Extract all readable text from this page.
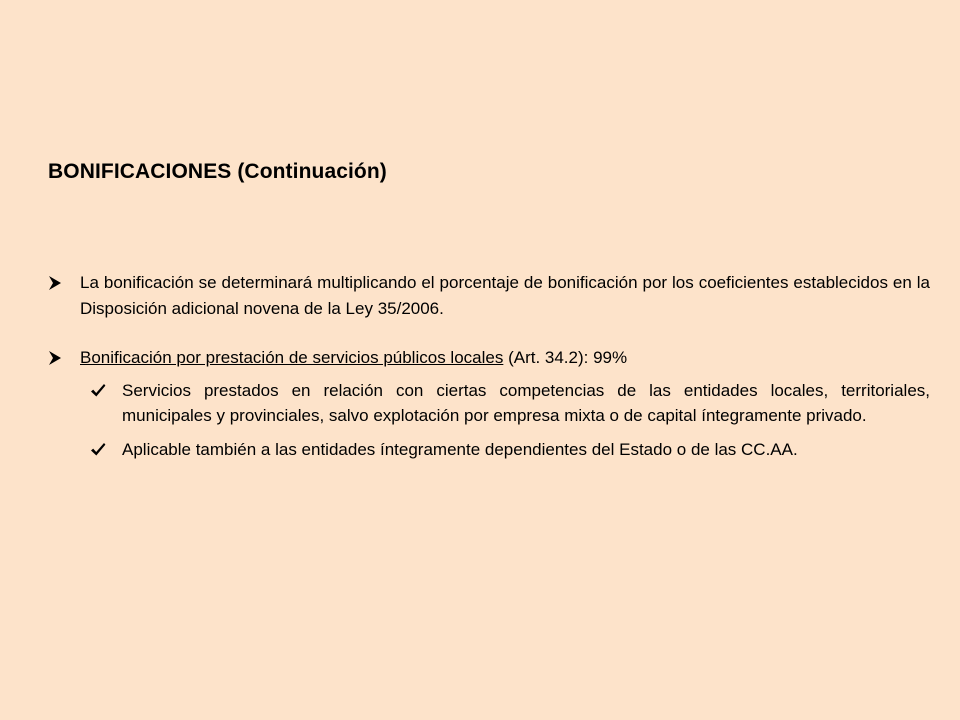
BONIFICACIONES (Continuación)
La bonificación se determinará multiplicando el porcentaje de bonificación por los coeficientes establecidos en la Disposición adicional novena de la Ley 35/2006.
Bonificación por prestación de servicios públicos locales (Art. 34.2): 99%
Servicios prestados en relación con ciertas competencias de las entidades locales, territoriales, municipales y provinciales, salvo explotación por empresa mixta o de capital íntegramente privado.
Aplicable también a las entidades íntegramente dependientes del Estado o de las CC.AA.
